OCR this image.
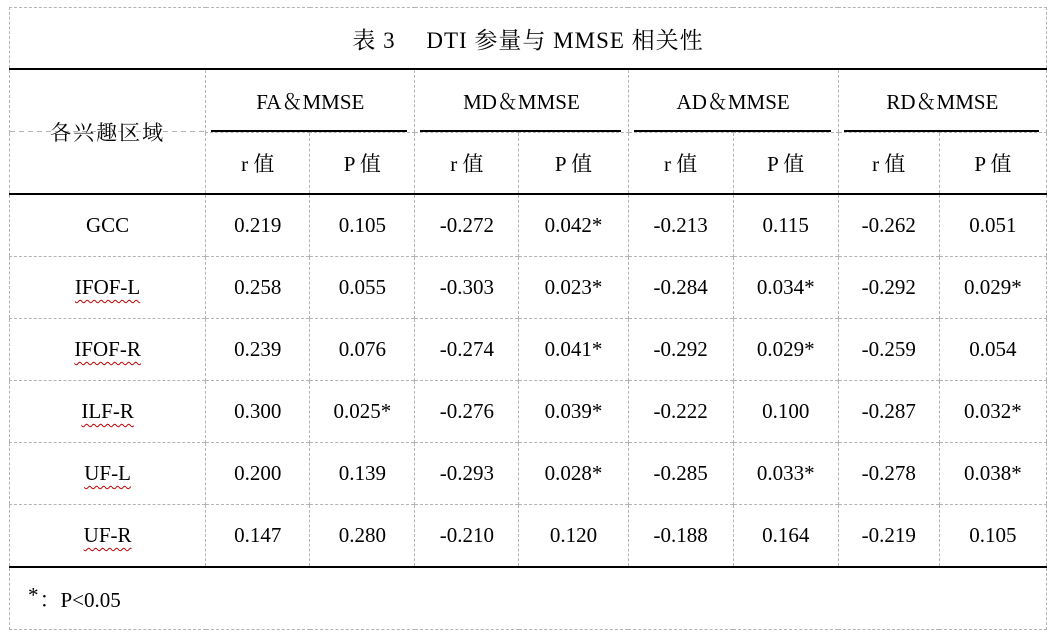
表 3　 DTI 参量与 MMSE 相关性								
各兴趣区域	FA＆MMSE		MD＆MMSE		AD＆MMSE		RD＆MMSE	

	r 值	P 值	r 值	P 值	r 值	P 值	r 值	P 值
GCC	0.219	0.105	-0.272	0.042*	-0.213	0.115	-0.262	0.051
IFOF-L	0.258	0.055	-0.303	0.023*	-0.284	0.034*	-0.292	0.029*
IFOF-R	0.239	0.076	-0.274	0.041*	-0.292	0.029*	-0.259	0.054
ILF-R	0.300	0.025*	-0.276	0.039*	-0.222	0.100	-0.287	0.032*
UF-L	0.200	0.139	-0.293	0.028*	-0.285	0.033*	-0.278	0.038*
UF-R	0.147	0.280	-0.210	0.120	-0.188	0.164	-0.219	0.105
*：P<0.05								
